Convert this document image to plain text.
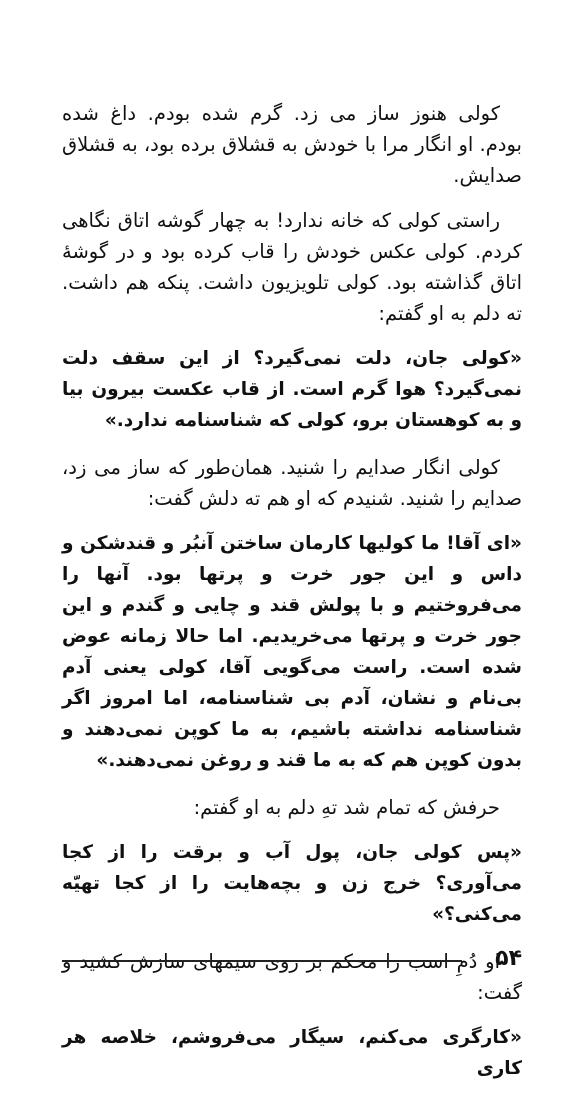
کولی هنوز ساز می زد. گرم شده بودم. داغ شده بودم. او انگار مرا با خودش به قشلاق برده بود، به قشلاق صدایش.

راستی کولی که خانه ندارد! به چهار گوشه اتاق نگاهی کردم. کولی عکس خودش را قاب کرده بود و در گوشهٔ اتاق گذاشته بود. کولی تلویزیون داشت. پنکه هم داشت. ته دلم به او گفتم:

«کولی جان، دلت نمی‌گیرد؟ از این سقف دلت نمی‌گیرد؟ هوا گرم است. از قاب عکست بیرون بیا و به کوهستان برو، کولی که شناسنامه ندارد.»

کولی انگار صدایم را شنید. همان‌طور که ساز می زد، صدایم را شنید. شنیدم که او هم ته دلش گفت:

«ای آقا! ما کولیها کارمان ساختن آنبُر و قندشکن و داس و این جور خرت و پرتها بود. آنها را می‌فروختیم و با پولش قند و چایی و گندم و این جور خرت و پرتها می‌خریدیم. اما حالا زمانه عوض شده است. راست می‌گویی آقا، کولی یعنی آدم بی‌نام و نشان، آدم بی شناسنامه، اما امروز اگر شناسنامه نداشته باشیم، به ما کوپن نمی‌دهند و بدون کوپن هم که به ما قند و روغن نمی‌دهند.»

حرفش که تمام شد تهِ دلم به او گفتم:

«پس کولی جان، پول آب و برقت را از کجا می‌آوری؟ خرج زن و بچه‌هایت را از کجا تهیّه می‌کنی؟»

او دُمِ اسب را محکم بر روی سیمهای سازش کشید و گفت:

«کارگری می‌کنم، سیگار می‌فروشم، خلاصه هر کاری

۵۴
